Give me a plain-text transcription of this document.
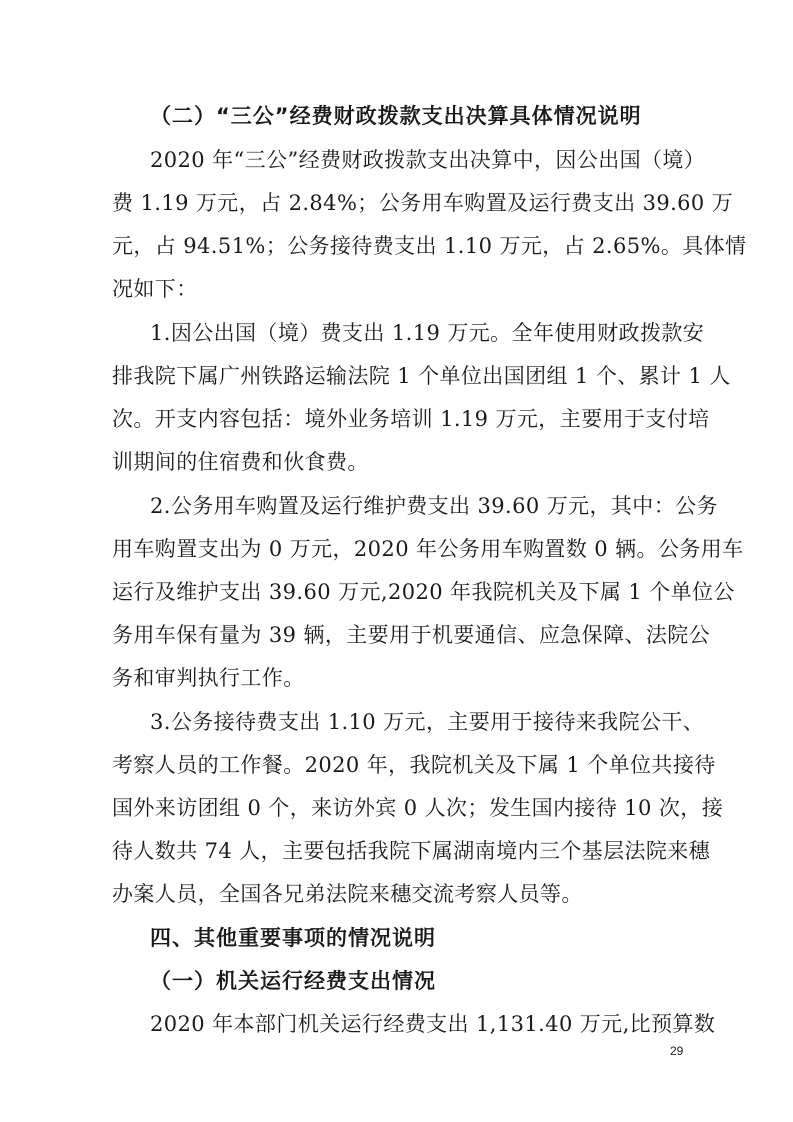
（二）“三公”经费财政拨款支出决算具体情况说明
2020 年“三公”经费财政拨款支出决算中，因公出国（境）
费 1.19 万元，占 2.84%；公务用车购置及运行费支出 39.60 万
元，占 94.51%；公务接待费支出 1.10 万元，占 2.65%。具体情
况如下：
1.因公出国（境）费支出 1.19 万元。全年使用财政拨款安
排我院下属广州铁路运输法院 1 个单位出国团组 1 个、累计 1 人
次。开支内容包括：境外业务培训 1.19 万元，主要用于支付培
训期间的住宿费和伙食费。
2.公务用车购置及运行维护费支出 39.60 万元，其中：公务
用车购置支出为 0 万元，2020 年公务用车购置数 0 辆。公务用车
运行及维护支出 39.60 万元,2020 年我院机关及下属 1 个单位公
务用车保有量为 39 辆，主要用于机要通信、应急保障、法院公
务和审判执行工作。
3.公务接待费支出 1.10 万元，主要用于接待来我院公干、
考察人员的工作餐。2020 年，我院机关及下属 1 个单位共接待
国外来访团组 0 个，来访外宾 0 人次；发生国内接待 10 次，接
待人数共 74 人，主要包括我院下属湖南境内三个基层法院来穗
办案人员，全国各兄弟法院来穗交流考察人员等。
四、其他重要事项的情况说明
（一）机关运行经费支出情况
2020 年本部门机关运行经费支出 1,131.40 万元,比预算数
29
